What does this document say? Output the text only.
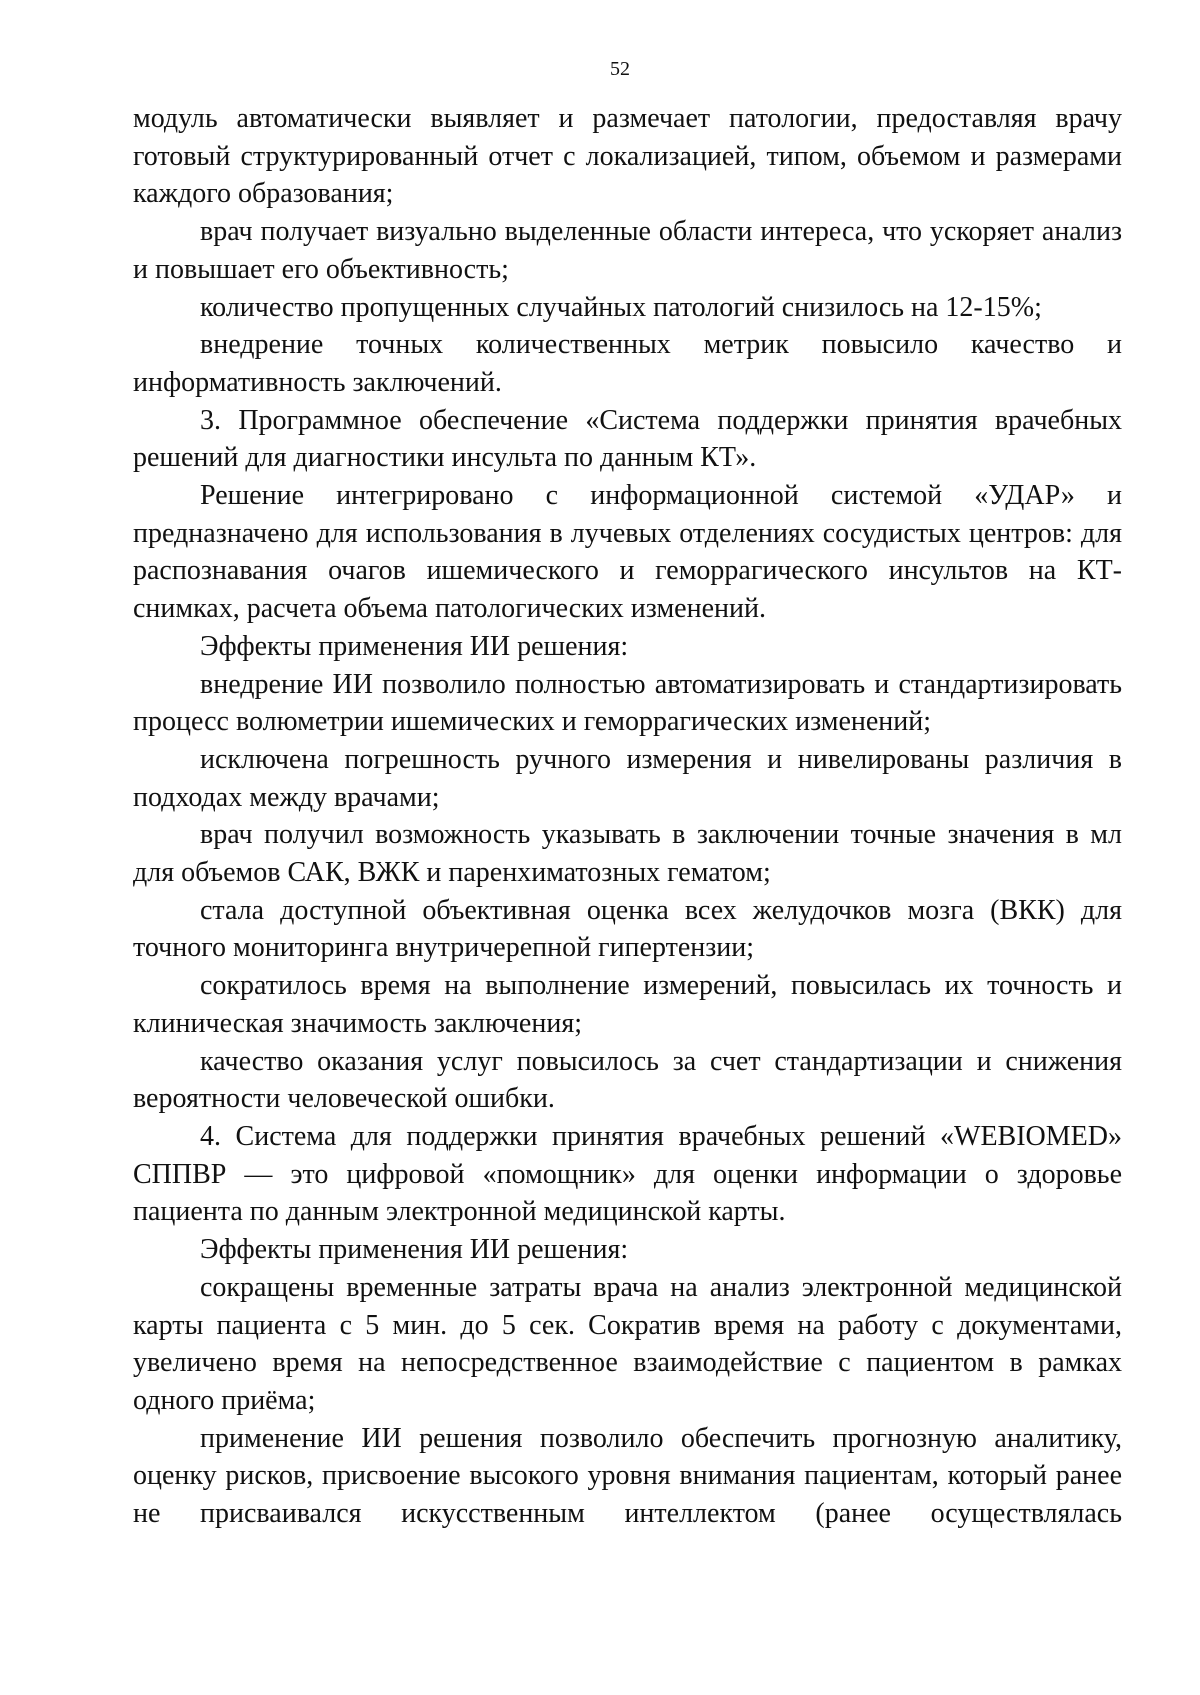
52

модуль автоматически выявляет и размечает патологии, предоставляя врачу готовый структурированный отчет с локализацией, типом, объемом и размерами каждого образования;

врач получает визуально выделенные области интереса, что ускоряет анализ и повышает его объективность;

количество пропущенных случайных патологий снизилось на 12-15%;

внедрение точных количественных метрик повысило качество и информативность заключений.

3. Программное обеспечение «Система поддержки принятия врачебных решений для диагностики инсульта по данным КТ».

Решение интегрировано с информационной системой «УДАР» и предназначено для использования в лучевых отделениях сосудистых центров: для распознавания очагов ишемического и геморрагического инсультов на КТ-снимках, расчета объема патологических изменений.

Эффекты применения ИИ решения:

внедрение ИИ позволило полностью автоматизировать и стандартизировать процесс волюметрии ишемических и геморрагических изменений;

исключена погрешность ручного измерения и нивелированы различия в подходах между врачами;

врач получил возможность указывать в заключении точные значения в мл для объемов САК, ВЖК и паренхиматозных гематом;

стала доступной объективная оценка всех желудочков мозга (ВКК) для точного мониторинга внутричерепной гипертензии;

сократилось время на выполнение измерений, повысилась их точность и клиническая значимость заключения;

качество оказания услуг повысилось за счет стандартизации и снижения вероятности человеческой ошибки.

4. Система для поддержки принятия врачебных решений «WEBIOMED» СППВР — это цифровой «помощник» для оценки информации о здоровье пациента по данным электронной медицинской карты.

Эффекты применения ИИ решения:

сокращены временные затраты врача на анализ электронной медицинской карты пациента с 5 мин. до 5 сек. Сократив время на работу с документами, увеличено время на непосредственное взаимодействие с пациентом в рамках одного приёма;

применение ИИ решения позволило обеспечить прогнозную аналитику, оценку рисков, присвоение высокого уровня внимания пациентам, который ранее не присваивался искусственным интеллектом (ранее осуществлялась
